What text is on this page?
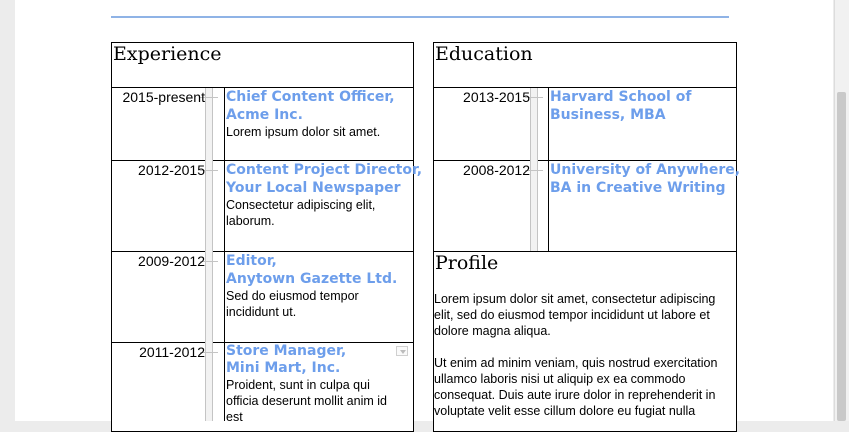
Experience
2015-present Chief Content Officer,
Acme Inc.
Lorem ipsum dolor sit amet.
2012-2015 Content Project Director,
Your Local Newspaper
Consectetur adipiscing elit,
laborum.
2009-2012 Editor,
Anytown Gazette Ltd.
Sed do eiusmod tempor
incididunt ut.
2011-2012 Store Manager,
Mini Mart, Inc.
Proident, sunt in culpa qui
officia deserunt mollit anim id
est
Education
2013-2015 Harvard School of
Business, MBA
2008-2012 University of Anywhere,
BA in Creative Writing
Profile
Lorem ipsum dolor sit amet, consectetur adipiscing
elit, sed do eiusmod tempor incididunt ut labore et
dolore magna aliqua.
Ut enim ad minim veniam, quis nostrud exercitation
ullamco laboris nisi ut aliquip ex ea commodo
consequat. Duis aute irure dolor in reprehenderit in
voluptate velit esse cillum dolore eu fugiat nulla
